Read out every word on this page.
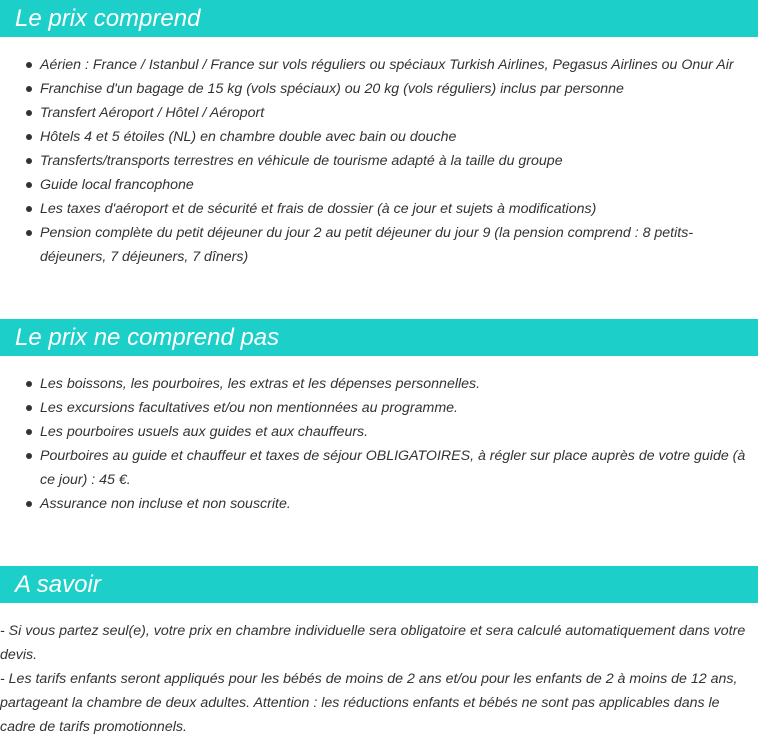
Le prix comprend
Aérien : France / Istanbul / France sur vols réguliers ou spéciaux Turkish Airlines, Pegasus Airlines ou Onur Air
Franchise d'un bagage de 15 kg (vols spéciaux) ou 20 kg (vols réguliers) inclus par personne
Transfert Aéroport / Hôtel / Aéroport
Hôtels 4 et 5 étoiles (NL) en chambre double avec bain ou douche
Transferts/transports terrestres en véhicule de tourisme adapté à la taille du groupe
Guide local francophone
Les taxes d'aéroport et de sécurité et frais de dossier (à ce jour et sujets à modifications)
Pension complète du petit déjeuner du jour 2 au petit déjeuner du jour 9 (la pension comprend : 8 petits-déjeuners, 7 déjeuners, 7 dîners)
Le prix ne comprend pas
Les boissons, les pourboires, les extras et les dépenses personnelles.
Les excursions facultatives et/ou non mentionnées au programme.
Les pourboires usuels aux guides et aux chauffeurs.
Pourboires au guide et chauffeur et taxes de séjour OBLIGATOIRES, à régler sur place auprès de votre guide (à ce jour) : 45 €.
Assurance non incluse et non souscrite.
A savoir

- Si vous partez seul(e), votre prix en chambre individuelle sera obligatoire et sera calculé automatiquement dans votre devis.

- Les tarifs enfants seront appliqués pour les bébés de moins de 2 ans et/ou pour les enfants de 2 à moins de 12 ans, partageant la chambre de deux adultes. Attention : les réductions enfants et bébés ne sont pas applicables dans le cadre de tarifs promotionnels.
